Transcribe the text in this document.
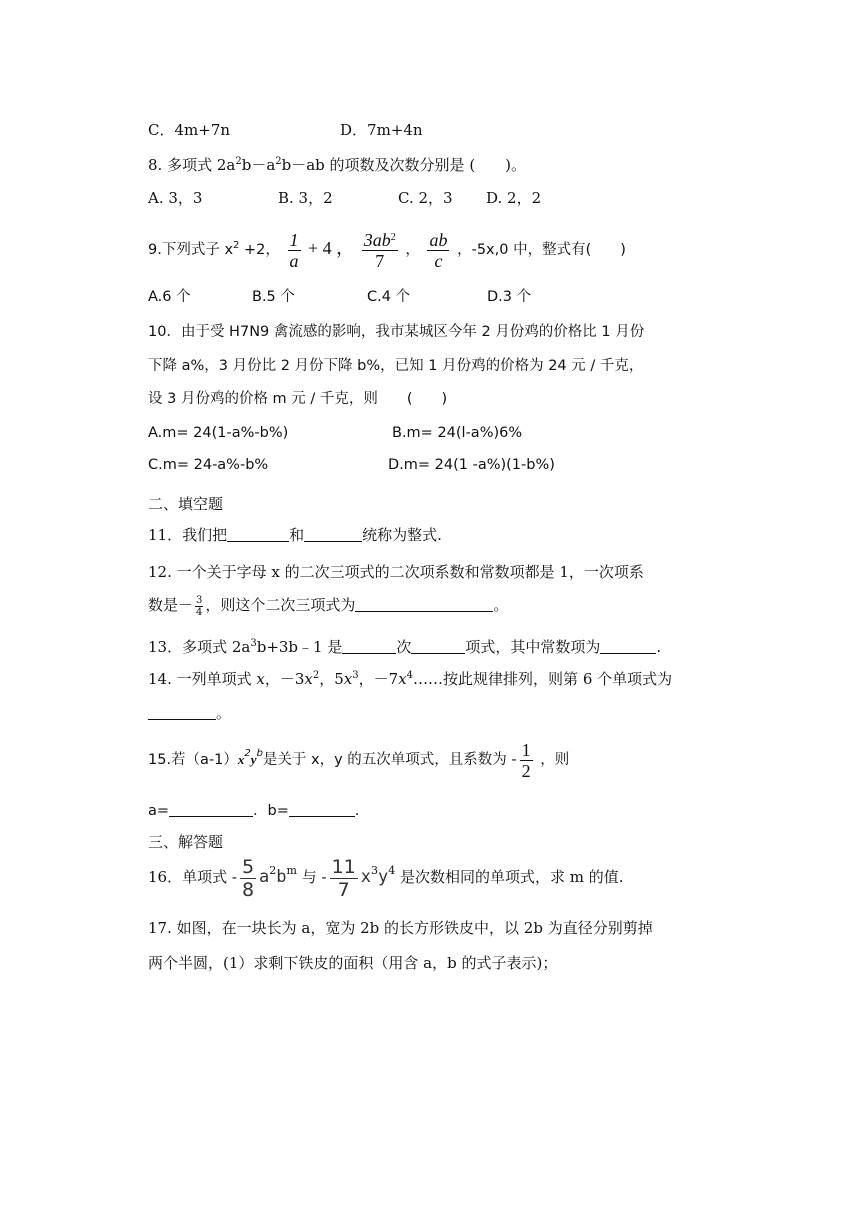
C．4m+7n	D．7m+4n
8. 多项式 $2a^2b-a^2b-ab$ 的项数及次数分别是 (　　)。
A. 3，3	B. 3，2	C. 2，3 D. 2，2
9.下列式子 $x^2 +2$， $\frac{1}{a} + 4$ ， $\frac{3ab^2}{7}$ ， $\frac{ab}{c}$ ，-5x,0 中，整式有(　　)
A.6 个	B.5 个	C.4 个	D.3 个
10．由于受 H7N9 禽流感的影响，我市某城区今年 2 月份鸡的价格比 1 月份
下降 a%，3 月份比 2 月份下降 b%，已知 1 月份鸡的价格为 24 元 / 千克，
设 3 月份鸡的价格 m 元 / 千克，则　　(　　)
A.m= 24(1-a%-b%)	B.m= 24(l-a%)6%
C.m= 24-a%-b%	D.m= 24(1 -a%)(1-b%)
二、填空题
11．我们把	和	统称为整式.
12. 一个关于字母 x 的二次三项式的二次项系数和常数项都是 1，一次项系
数是－ $\frac{3}{4}$ ，则这个二次三项式为	。
13．多项式 $2a^3b+3b﹣1$ 是	次	项式，其中常数项为	.
14. 一列单项式 x，$-3x^2$，$5x^3$，$-7x^4\dots\dots$按此规律排列，则第 6 个单项式为
。
15.若$(a-1)x^2y^b$是关于 x，y 的五次单项式，且系数为 - $\frac{1}{2}$ ，则
a=	．b=	.
三、解答题
16．单项式 - $\frac{5}{8} a^2b^m$ 与 - $\frac{11}{7} x^3y^4$ 是次数相同的单项式，求 m 的值.
17. 如图，在一块长为 a，宽为 2b 的长方形铁皮中，以 2b 为直径分别剪掉
两个半圆，(1）求剩下铁皮的面积（用含 a，b 的式子表示)；
